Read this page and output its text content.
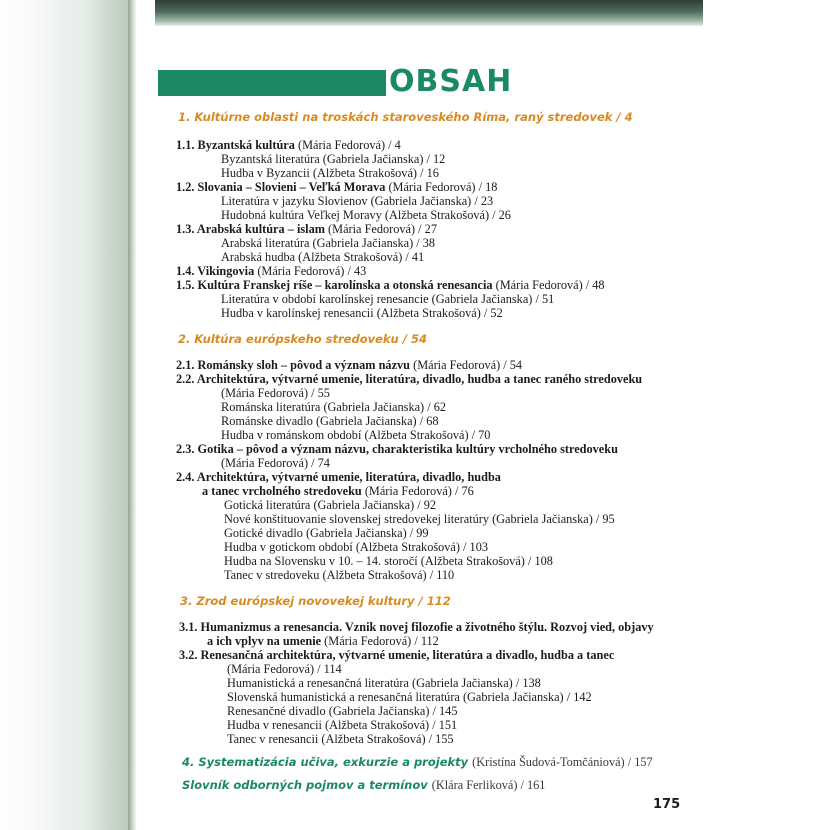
OBSAH
1. Kultúrne oblasti na troskách staroveského Ríma, raný stredovek / 4
1.1. Byzantská kultúra (Mária Fedorová) / 4
Byzantská literatúra (Gabriela Jačianska) / 12
Hudba v Byzancii (Alžbeta Strakošová) / 16
1.2. Slovania – Slovieni – Veľká Morava (Mária Fedorová) / 18
Literatúra v jazyku Slovienov (Gabriela Jačianska) / 23
Hudobná kultúra Veľkej Moravy (Alžbeta Strakošová) / 26
1.3. Arabská kultúra – islam (Mária Fedorová) / 27
Arabská literatúra (Gabriela Jačianska) / 38
Arabská hudba (Alžbeta Strakošová) / 41
1.4. Vikingovia (Mária Fedorová) / 43
1.5. Kultúra Franskej ríše – karolínska a otonská renesancia (Mária Fedorová) / 48
Literatúra v období karolínskej renesancie (Gabriela Jačianska) / 51
Hudba v karolínskej renesancii (Alžbeta Strakošová) / 52
2. Kultúra európskeho stredoveku / 54
2.1. Románsky sloh – pôvod a význam názvu (Mária Fedorová) / 54
2.2. Architektúra, výtvarné umenie, literatúra, divadlo, hudba a tanec raného stredoveku
(Mária Fedorová) / 55
Románska literatúra (Gabriela Jačianska) / 62
Románske divadlo (Gabriela Jačianska) / 68
Hudba v románskom období (Alžbeta Strakošová) / 70
2.3. Gotika – pôvod a význam názvu, charakteristika kultúry vrcholného stredoveku
(Mária Fedorová) / 74
2.4. Architektúra, výtvarné umenie, literatúra, divadlo, hudba
a tanec vrcholného stredoveku (Mária Fedorová) / 76
Gotická literatúra (Gabriela Jačianska) / 92
Nové konštituovanie slovenskej stredovekej literatúry (Gabriela Jačianska) / 95
Gotické divadlo (Gabriela Jačianska) / 99
Hudba v gotickom období (Alžbeta Strakošová) / 103
Hudba na Slovensku v 10. – 14. storočí (Alžbeta Strakošová) / 108
Tanec v stredoveku (Alžbeta Strakošová) / 110
3. Zrod európskej novovekej kultury / 112
3.1. Humanizmus a renesancia. Vznik novej filozofie a životného štýlu. Rozvoj vied, objavy
a ich vplyv na umenie (Mária Fedorová) / 112
3.2. Renesančná architektúra, výtvarné umenie, literatúra a divadlo, hudba a tanec
(Mária Fedorová) / 114
Humanistická a renesančná literatúra (Gabriela Jačianska) / 138
Slovenská humanistická a renesančná literatúra (Gabriela Jačianska) / 142
Renesančné divadlo (Gabriela Jačianska) / 145
Hudba v renesancii (Alžbeta Strakošová) / 151
Tanec v renesancii (Alžbeta Strakošová) / 155
4. Systematizácia učiva, exkurzie a projekty (Kristína Šudová-Tomčániová) / 157
Slovník odborných pojmov a termínov (Klára Ferliková) / 161
175
